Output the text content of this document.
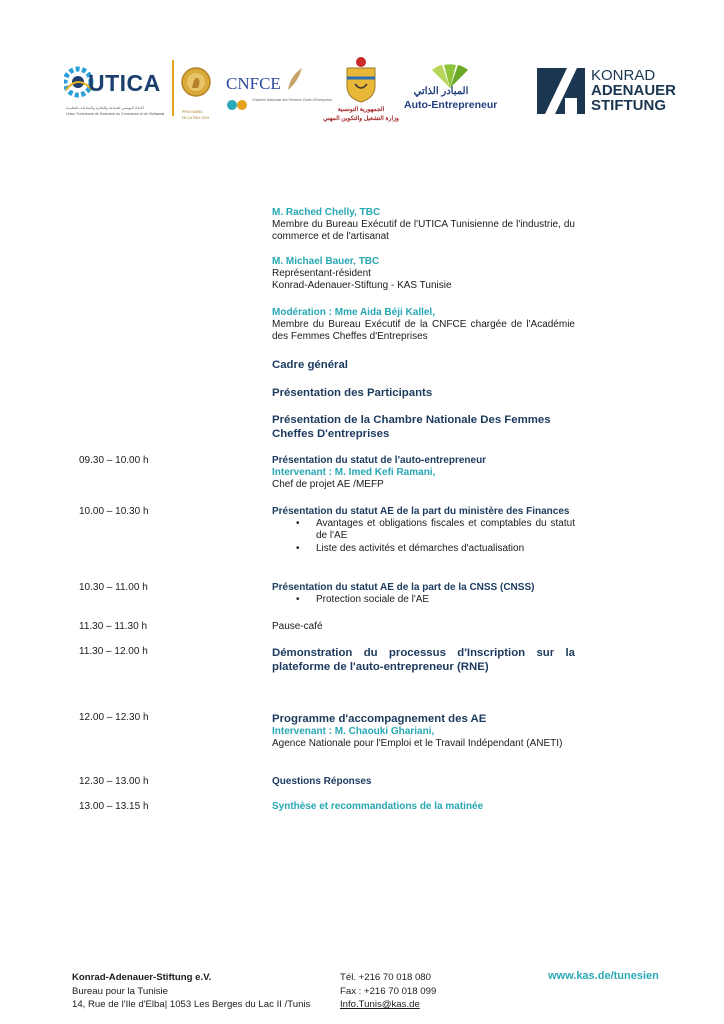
UTICA
الاتحاد التونسي للصناعة والتجارة والصناعات التقليدية
Union Tunisienne de l'Industrie du Commerce et de l'Artisanat	PRIX NOBEL
DE LA PAIX 2015
CNFCE
Chambre Nationale des Femmes Chefs d'Entreprises
الجمهورية التونسية
وزارة التشغيل والتكوين المهني
المبادر الذاتي
Auto-Entrepreneur
KONRAD
ADENAUER
STIFTUNG
M. Rached Chelly, TBC
Membre du Bureau Exécutif de l'UTICA Tunisienne de l'industrie, du commerce et de l'artisanat
M. Michael Bauer, TBC
Représentant-résident
Konrad-Adenauer-Stiftung - KAS Tunisie
Modération : Mme Aida Béji Kallel,
Membre du Bureau Exécutif de la CNFCE chargée de l'Académie des Femmes Cheffes d'Entreprises
Cadre général
Présentation des Participants
Présentation de la Chambre Nationale Des Femmes Cheffes D'entreprises
09.30 – 10.00 h	Présentation du statut de l'auto-entrepreneur
Intervenant : M. Imed Kefi Ramani,
Chef de projet AE /MEFP
10.00 – 10.30 h	Présentation du statut AE de la part du ministère des Finances
• Avantages et obligations fiscales et comptables du statut de l'AE
• Liste des activités et démarches d'actualisation
10.30 – 11.00 h	Présentation du statut AE de la part de la CNSS (CNSS)
• Protection sociale de l'AE
11.30 – 11.30 h	Pause-café
11.30 – 12.00 h	Démonstration du processus d'Inscription sur la plateforme de l'auto-entrepreneur (RNE)
12.00 – 12.30 h	Programme d'accompagnement des AE
Intervenant : M. Chaouki Ghariani,
Agence Nationale pour l'Emploi et le Travail Indépendant (ANETI)
12.30 – 13.00 h	Questions Réponses
13.00 – 13.15 h	Synthèse et recommandations de la matinée
Konrad-Adenauer-Stiftung e.V.
Bureau pour la Tunisie
14, Rue de l'Ile d'Elba| 1053 Les Berges du Lac II /Tunis
Tél. +216 70 018 080
Fax : +216 70 018 099
Info.Tunis@kas.de
www.kas.de/tunesien
